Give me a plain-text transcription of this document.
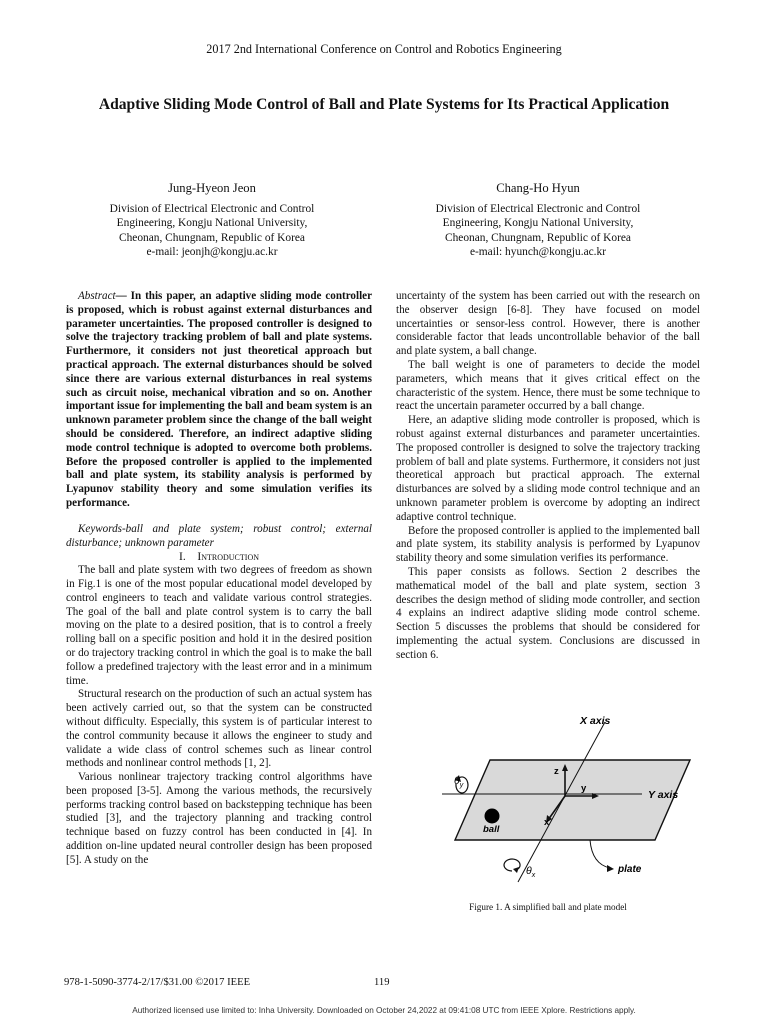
2017 2nd International Conference on Control and Robotics Engineering
Adaptive Sliding Mode Control of Ball and Plate Systems for Its Practical Application
Jung-Hyeon Jeon
Division of Electrical Electronic and Control
Engineering, Kongju National University,
Cheonan, Chungnam, Republic of Korea
e-mail: jeonjh@kongju.ac.kr
Chang-Ho Hyun
Division of Electrical Electronic and Control
Engineering, Kongju National University,
Cheonan, Chungnam, Republic of Korea
e-mail: hyunch@kongju.ac.kr

Abstract— In this paper, an adaptive sliding mode controller is proposed, which is robust against external disturbances and parameter uncertainties. The proposed controller is designed to solve the trajectory tracking problem of ball and plate systems. Furthermore, it considers not just theoretical approach but practical approach. The external disturbances should be solved since there are various external disturbances in real systems such as circuit noise, mechanical vibration and so on. Another important issue for implementing the ball and beam system is an unknown parameter problem since the change of the ball weight should be considered. Therefore, an indirect adaptive sliding mode control technique is adopted to overcome both problems. Before the proposed controller is applied to the implemented ball and plate system, its stability analysis is performed by Lyapunov stability theory and some simulation verifies its performance.

Keywords-ball and plate system; robust control; external disturbance; unknown parameter

I. Introduction

The ball and plate system with two degrees of freedom as shown in Fig.1 is one of the most popular educational model developed by control engineers to teach and validate various control strategies. The goal of the ball and plate control system is to carry the ball moving on the plate to a desired position, that is to control a freely rolling ball on a specific position and hold it in the desired position or do trajectory tracking control in which the goal is to make the ball follow a predefined trajectory with the least error and in a minimum time.

Structural research on the production of such an actual system has been actively carried out, so that the system can be constructed without difficulty. Especially, this system is of particular interest to the control community because it allows the engineer to study and validate a wide class of control schemes such as linear control methods and nonlinear control methods [1, 2].

Various nonlinear trajectory tracking control algorithms have been proposed [3-5]. Among the various methods, the recursively performs tracking control based on backstepping technique has been studied [3], and the trajectory planning and tracking control technique based on fuzzy control has been conducted in [4]. In addition on-line updated neural controller design has been proposed [5]. A study on the

uncertainty of the system has been carried out with the research on the observer design [6-8]. They have focused on model uncertainties or sensor-less control. However, there is another considerable factor that leads uncontrollable behavior of the ball and plate system, a ball change.

The ball weight is one of parameters to decide the model parameters, which means that it gives critical effect on the characteristic of the system. Hence, there must be some technique to react the uncertain parameter occurred by a ball change.

Here, an adaptive sliding mode controller is proposed, which is robust against external disturbances and parameter uncertainties. The proposed controller is designed to solve the trajectory tracking problem of ball and plate systems. Furthermore, it considers not just theoretical approach but practical approach. The external disturbances are solved by a sliding mode control technique and an unknown parameter problem is overcome by adopting an indirect adaptive control technique.

Before the proposed controller is applied to the implemented ball and plate system, its stability analysis is performed by Lyapunov stability theory and some simulation verifies its performance.

This paper consists as follows. Section 2 describes the mathematical model of the ball and plate system, section 3 describes the design method of sliding mode controller, and section 4 explains an indirect adaptive sliding mode control scheme. Section 5 discusses the problems that should be considered for implementing the actual system. Conclusions are discussed in section 6.

X axis
Y axis
z
y
x
$\theta_y$
$\theta_x$
ball
plate
Figure 1. A simplified ball and plate model
978-1-5090-3774-2/17/$31.00 ©2017 IEEE	119
Authorized licensed use limited to: Inha University. Downloaded on October 24,2022 at 09:41:08 UTC from IEEE Xplore. Restrictions apply.
